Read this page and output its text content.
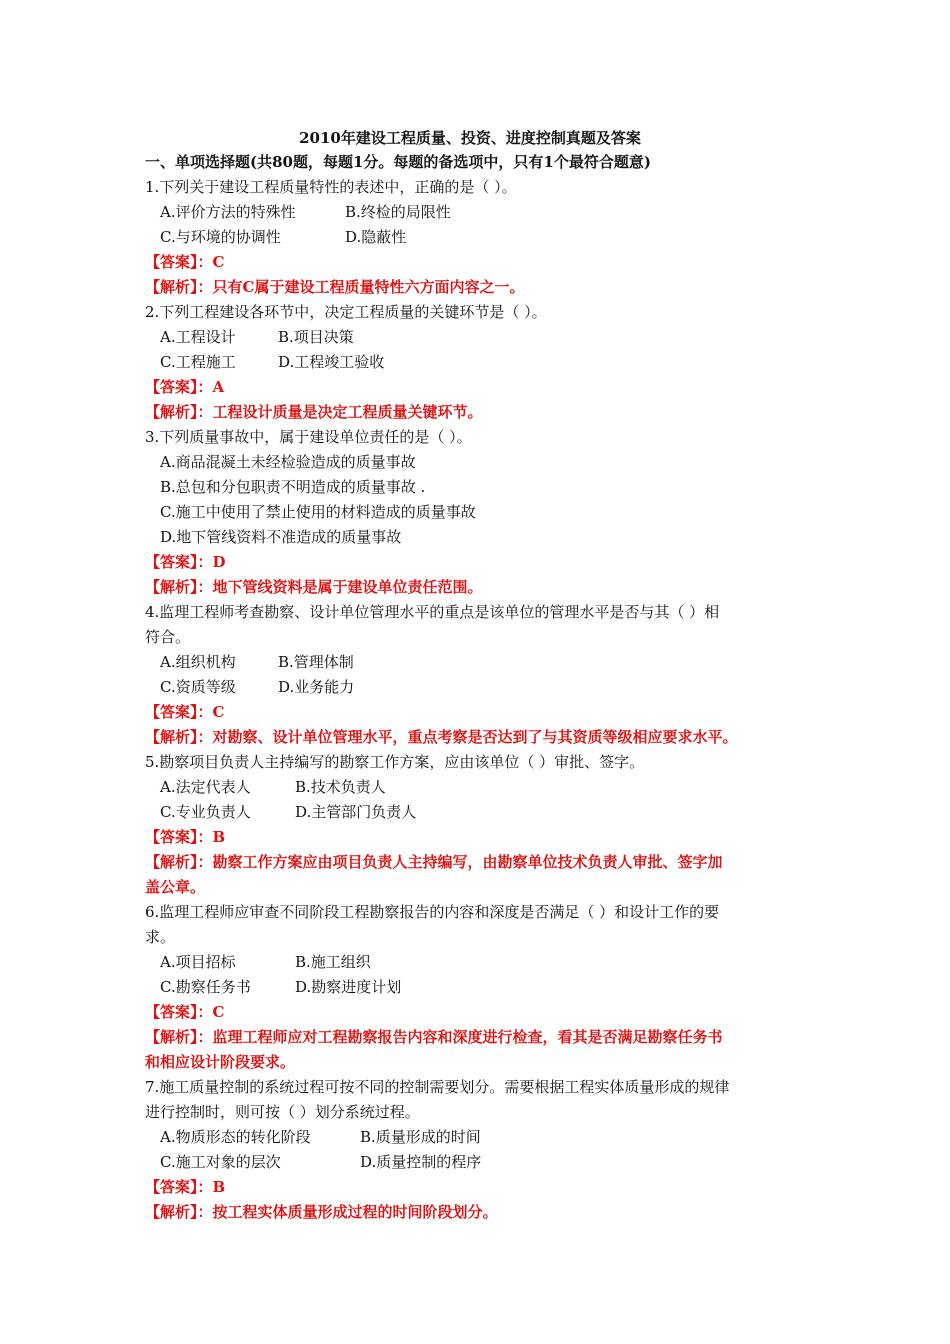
2010年建设工程质量、投资、进度控制真题及答案
一、单项选择题(共80题，每题1分。每题的备选项中，只有1个最符合题意)
1.下列关于建设工程质量特性的表述中，正确的是（ ）。
A.评价方法的特殊性	B.终检的局限性
C.与环境的协调性	D.隐蔽性
【答案】：C
【解析】：只有C属于建设工程质量特性六方面内容之一。
2.下列工程建设各环节中，决定工程质量的关键环节是（ ）。
A.工程设计	B.项目决策
C.工程施工	D.工程竣工验收
【答案】：A
【解析】：工程设计质量是决定工程质量关键环节。
3.下列质量事故中，属于建设单位责任的是（ ）。
A.商品混凝土未经检验造成的质量事故
B.总包和分包职责不明造成的质量事故 .
C.施工中使用了禁止使用的材料造成的质量事故
D.地下管线资料不准造成的质量事故
【答案】：D
【解析】：地下管线资料是属于建设单位责任范围。
4.监理工程师考查勘察、设计单位管理水平的重点是该单位的管理水平是否与其（ ）相
符合。
A.组织机构	B.管理体制
C.资质等级	D.业务能力
【答案】：C
【解析】：对勘察、设计单位管理水平，重点考察是否达到了与其资质等级相应要求水平。
5.勘察项目负责人主持编写的勘察工作方案，应由该单位（ ）审批、签字。
A.法定代表人	B.技术负责人
C.专业负责人	D.主管部门负责人
【答案】：B
【解析】：勘察工作方案应由项目负责人主持编写，由勘察单位技术负责人审批、签字加
盖公章。
6.监理工程师应审查不同阶段工程勘察报告的内容和深度是否满足（ ）和设计工作的要
求。
A.项目招标	B.施工组织
C.勘察任务书	D.勘察进度计划
【答案】：C
【解析】：监理工程师应对工程勘察报告内容和深度进行检查，看其是否满足勘察任务书
和相应设计阶段要求。
7.施工质量控制的系统过程可按不同的控制需要划分。需要根据工程实体质量形成的规律
进行控制时，则可按（ ）划分系统过程。
A.物质形态的转化阶段	B.质量形成的时间
C.施工对象的层次	D.质量控制的程序
【答案】：B
【解析】：按工程实体质量形成过程的时间阶段划分。
